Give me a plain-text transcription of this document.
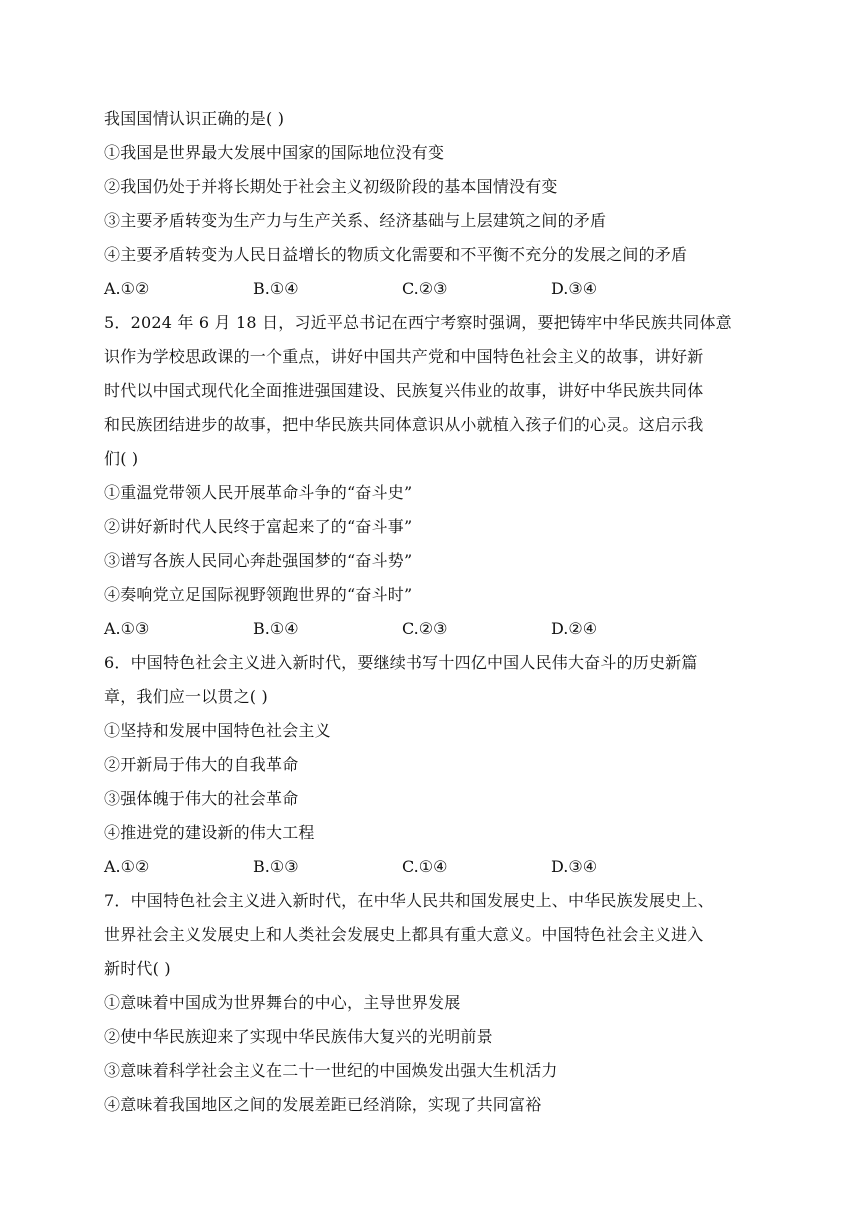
我国国情认识正确的是( )
①我国是世界最大发展中国家的国际地位没有变
②我国仍处于并将长期处于社会主义初级阶段的基本国情没有变
③主要矛盾转变为生产力与生产关系、经济基础与上层建筑之间的矛盾
④主要矛盾转变为人民日益增长的物质文化需要和不平衡不充分的发展之间的矛盾
A.①②	B.①④	C.②③	D.③④
5．2024 年 6 月 18 日，习近平总书记在西宁考察时强调，要把铸牢中华民族共同体意
识作为学校思政课的一个重点，讲好中国共产党和中国特色社会主义的故事，讲好新
时代以中国式现代化全面推进强国建设、民族复兴伟业的故事，讲好中华民族共同体
和民族团结进步的故事，把中华民族共同体意识从小就植入孩子们的心灵。这启示我
们( )
①重温党带领人民开展革命斗争的“奋斗史”
②讲好新时代人民终于富起来了的“奋斗事”
③谱写各族人民同心奔赴强国梦的“奋斗势”
④奏响党立足国际视野领跑世界的“奋斗时”
A.①③	B.①④	C.②③	D.②④
6．中国特色社会主义进入新时代，要继续书写十四亿中国人民伟大奋斗的历史新篇
章，我们应一以贯之( )
①坚持和发展中国特色社会主义
②开新局于伟大的自我革命
③强体魄于伟大的社会革命
④推进党的建设新的伟大工程
A.①②	B.①③	C.①④	D.③④
7．中国特色社会主义进入新时代，在中华人民共和国发展史上、中华民族发展史上、
世界社会主义发展史上和人类社会发展史上都具有重大意义。中国特色社会主义进入
新时代( )
①意味着中国成为世界舞台的中心，主导世界发展
②使中华民族迎来了实现中华民族伟大复兴的光明前景
③意味着科学社会主义在二十一世纪的中国焕发出强大生机活力
④意味着我国地区之间的发展差距已经消除，实现了共同富裕
